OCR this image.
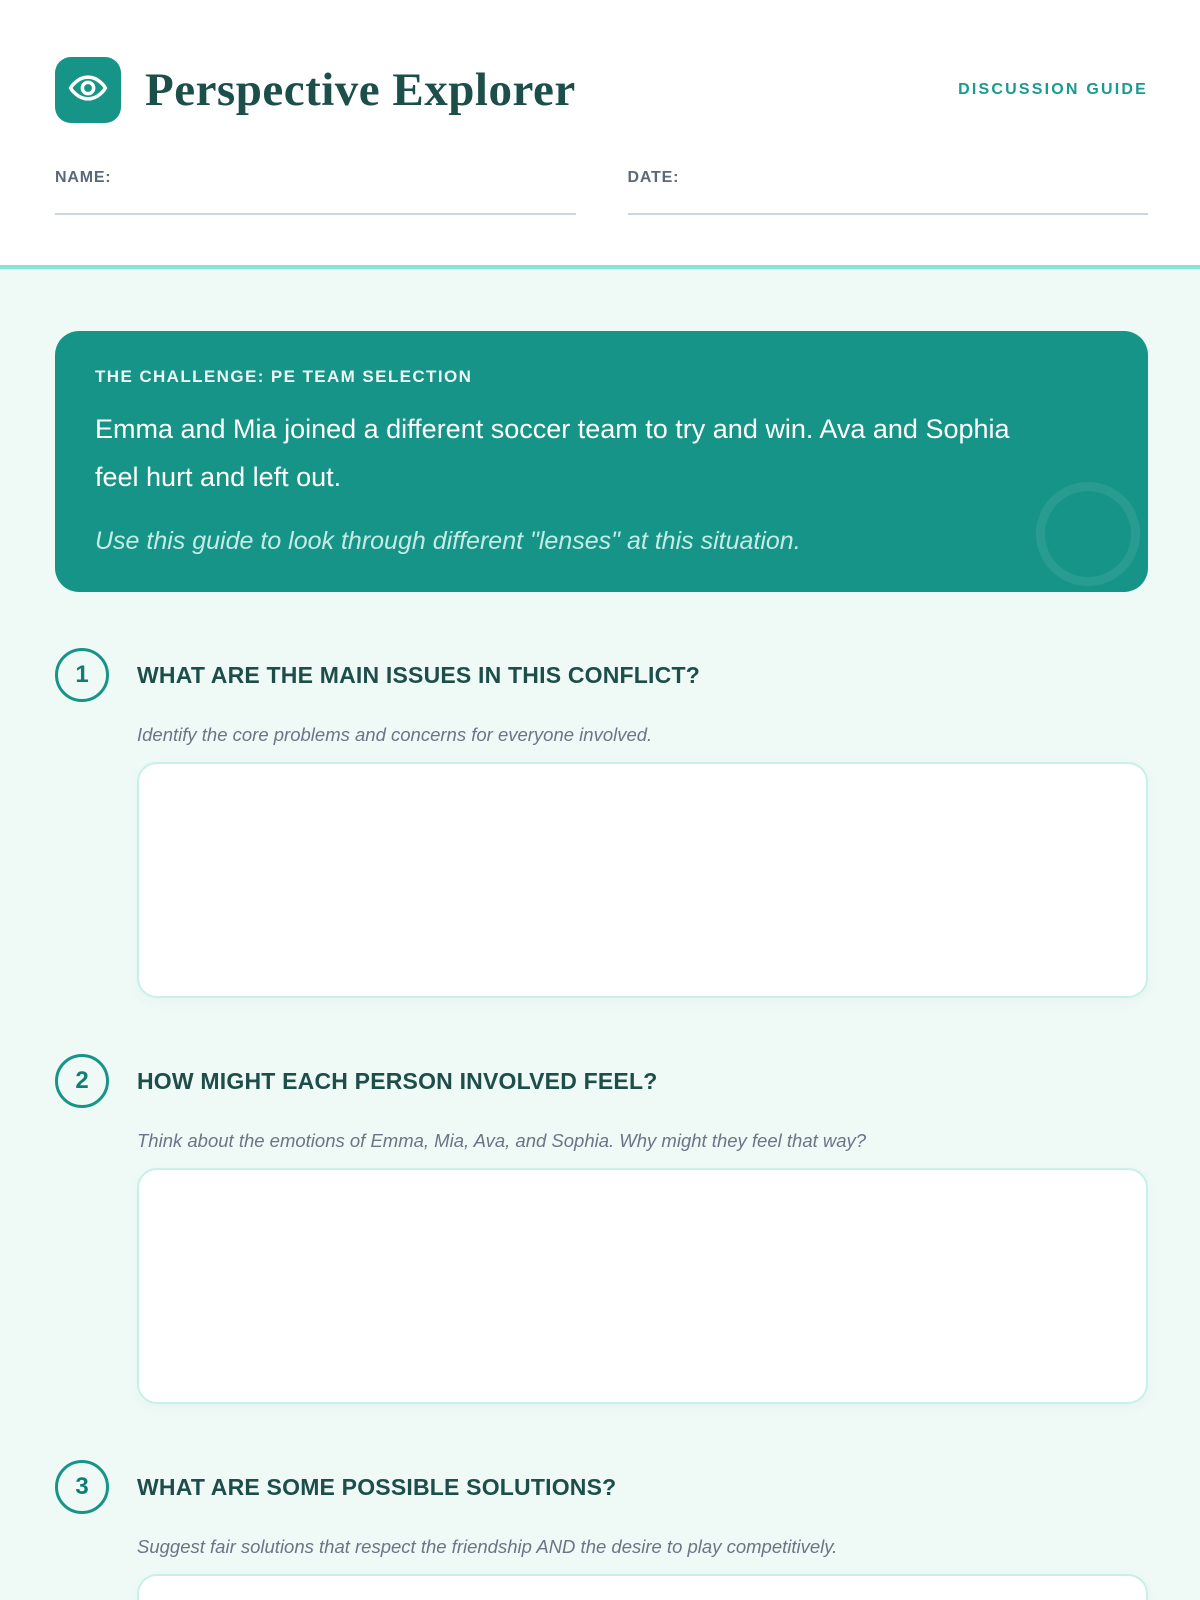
Perspective Explorer	DISCUSSION GUIDE
NAME:	DATE:
THE CHALLENGE: PE TEAM SELECTION
Emma and Mia joined a different soccer team to try and win. Ava and Sophia feel hurt and left out.
Use this guide to look through different "lenses" at this situation.
1	WHAT ARE THE MAIN ISSUES IN THIS CONFLICT?
Identify the core problems and concerns for everyone involved.
2	HOW MIGHT EACH PERSON INVOLVED FEEL?
Think about the emotions of Emma, Mia, Ava, and Sophia. Why might they feel that way?
3	WHAT ARE SOME POSSIBLE SOLUTIONS?
Suggest fair solutions that respect the friendship AND the desire to play competitively.
